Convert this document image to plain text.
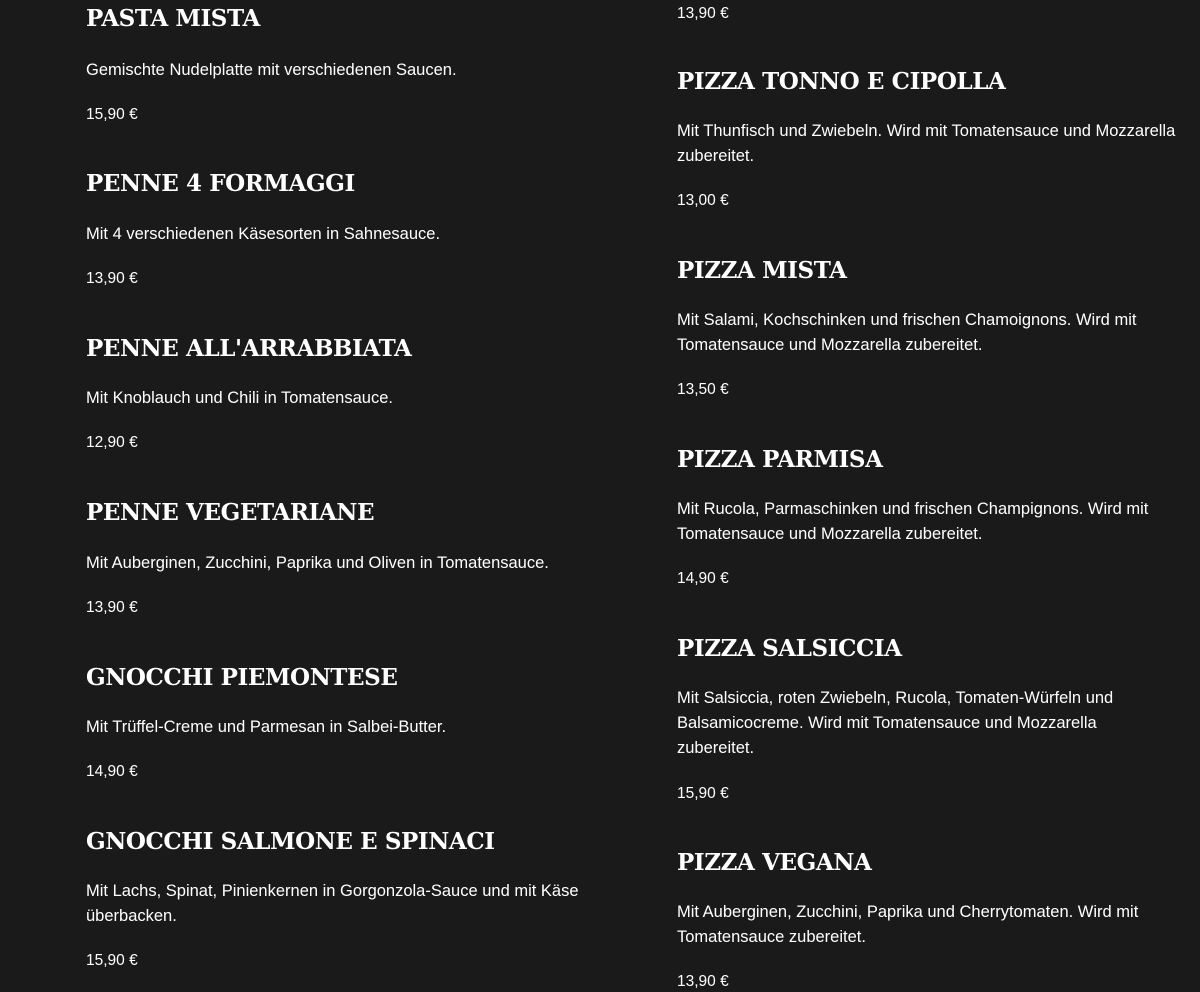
PASTA MISTA

Gemischte Nudelplatte mit verschiedenen Saucen.

15,90 €

PENNE 4 FORMAGGI

Mit 4 verschiedenen Käsesorten in Sahnesauce.

13,90 €

PENNE ALL'ARRABBIATA

Mit Knoblauch und Chili in Tomatensauce.

12,90 €

PENNE VEGETARIANE

Mit Auberginen, Zucchini, Paprika und Oliven in Tomatensauce.

13,90 €

GNOCCHI PIEMONTESE

Mit Trüffel-Creme und Parmesan in Salbei-Butter.

14,90 €

GNOCCHI SALMONE E SPINACI

Mit Lachs, Spinat, Pinienkernen in Gorgonzola-Sauce und mit Käse überbacken.

15,90 €

13,90 €

PIZZA TONNO E CIPOLLA

Mit Thunfisch und Zwiebeln. Wird mit Tomatensauce und Mozzarella zubereitet.

13,00 €

PIZZA MISTA

Mit Salami, Kochschinken und frischen Chamoignons. Wird mit Tomatensauce und Mozzarella zubereitet.

13,50 €

PIZZA PARMISA

Mit Rucola, Parmaschinken und frischen Champignons. Wird mit Tomatensauce und Mozzarella zubereitet.

14,90 €

PIZZA SALSICCIA

Mit Salsiccia, roten Zwiebeln, Rucola, Tomaten-Würfeln und Balsamicocreme. Wird mit Tomatensauce und Mozzarella zubereitet.

15,90 €

PIZZA VEGANA

Mit Auberginen, Zucchini, Paprika und Cherrytomaten. Wird mit Tomatensauce zubereitet.

13,90 €
